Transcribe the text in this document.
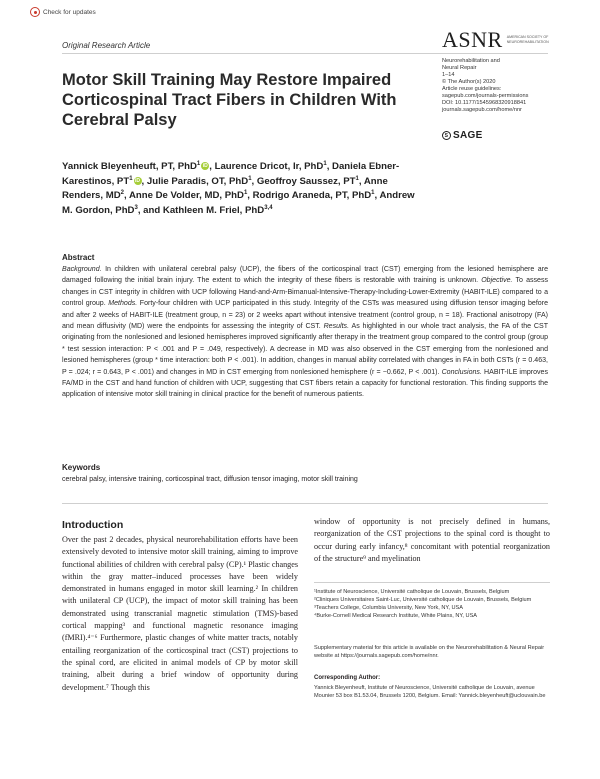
Check for updates
Original Research Article	ASNR AMERICAN SOCIETY OF NEUROREHABILITATION
Neurorehabilitation and
Neural Repair
1–14
© The Author(s) 2020
Article reuse guidelines:
sagepub.com/journals-permissions
DOI: 10.1177/1545968320918841
journals.sagepub.com/home/nnr
S SAGE
Motor Skill Training May Restore Impaired Corticospinal Tract Fibers in Children With Cerebral Palsy
Yannick Bleyenheuft, PT, PhD$^1$ iD , Laurence Dricot, Ir, PhD$^1$, Daniela Ebner-Karestinos, $PT^1$ iD , Julie Paradis, OT, PhD$^1$, Geoffroy Saussez, $PT^1$, Anne Renders, $MD^2$, Anne De Volder, MD, PhD$^1$, Rodrigo Araneda, PT, PhD$^1$, Andrew M. Gordon, PhD$^3$, and Kathleen M. Friel, PhD$^{3,4}$
Abstract
Background. In children with unilateral cerebral palsy (UCP), the fibers of the corticospinal tract (CST) emerging from the lesioned hemisphere are damaged following the initial brain injury. The extent to which the integrity of these fibers is restorable with training is unknown. Objective. To assess changes in CST integrity in children with UCP following Hand-and-Arm-Bimanual-Intensive-Therapy-Including-Lower-Extremity (HABIT-ILE) compared to a control group. Methods. Forty-four children with UCP participated in this study. Integrity of the CSTs was measured using diffusion tensor imaging before and after 2 weeks of HABIT-ILE (treatment group, n = 23) or 2 weeks apart without intensive treatment (control group, n = 18). Fractional anisotropy (FA) and mean diffusivity (MD) were the endpoints for assessing the integrity of CST. Results. As highlighted in our whole tract analysis, the FA of the CST originating from the nonlesioned and lesioned hemispheres improved significantly after therapy in the treatment group compared to the control group (group * test session interaction: P < .001 and P = .049, respectively). A decrease in MD was also observed in the CST emerging from the nonlesioned and lesioned hemispheres (group * time interaction: both P < .001). In addition, changes in manual ability correlated with changes in FA in both CSTs (r = 0.463, P = .024; r = 0.643, P < .001) and changes in MD in CST emerging from nonlesioned hemisphere (r = −0.662, P < .001). Conclusions. HABIT-ILE improves FA/MD in the CST and hand function of children with UCP, suggesting that CST fibers retain a capacity for functional restoration. This finding supports the application of intensive motor skill training in clinical practice for the benefit of numerous patients.
Keywords
cerebral palsy, intensive training, corticospinal tract, diffusion tensor imaging, motor skill training
Introduction
Over the past 2 decades, physical neurorehabilitation efforts have been extensively devoted to intensive motor skill training, aiming to improve functional abilities of children with cerebral palsy (CP).¹ Plastic changes within the gray matter–induced processes have been widely demonstrated in humans engaged in motor skill learning.² In children with unilateral CP (UCP), the impact of motor skill training has been demonstrated using transcranial magnetic stimulation (TMS)-based cortical mapping³ and functional magnetic resonance imaging (fMRI).⁴⁻⁶ Furthermore, plastic changes of white matter tracts, notably entailing reorganization of the corticospinal tract (CST) projections to the spinal cord, are elicited in animal models of CP by motor skill training, albeit during a brief window of opportunity during development.⁷ Though this
window of opportunity is not precisely defined in humans, reorganization of the CST projections to the spinal cord is thought to occur during early infancy,⁸ concomitant with potential reorganization of the structure⁹ and myelination

¹Institute of Neuroscience, Université catholique de Louvain, Brussels, Belgium

²Cliniques Universitaires Saint-Luc, Université catholique de Louvain, Brussels, Belgium

³Teachers College, Columbia University, New York, NY, USA

⁴Burke-Cornell Medical Research Institute, White Plains, NY, USA

Supplementary material for this article is available on the Neurorehabilitation & Neural Repair website at https://journals.sagepub.com/home/nnr.
Corresponding Author:
Yannick Bleyenheuft, Institute of Neuroscience, Université catholique de Louvain, avenue Mounier 53 box B1.53.04, Brussels 1200, Belgium. Email: Yannick.bleyenheuft@uclouvain.be
